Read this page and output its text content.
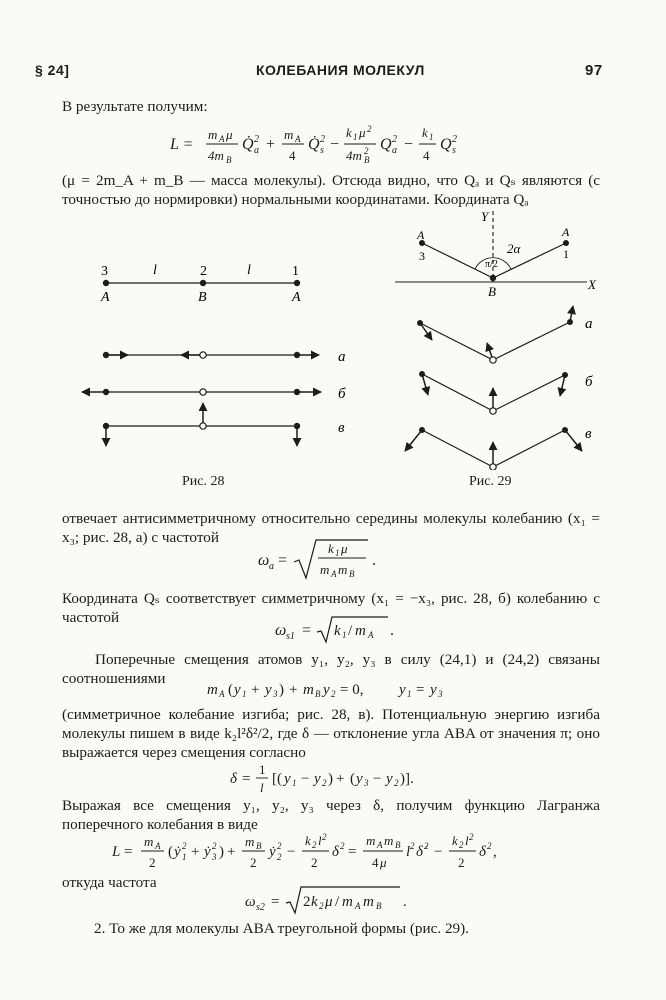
§ 24]	КОЛЕБАНИЯ МОЛЕКУЛ	97
В результате получим:
L =
m A μ
4m B
Q̇ 2
a +
m A
4
Q̇ 2
s −
k 1 μ 2
4m 2
B
Q 2
a −
k 1
4
Q 2
s
(μ = 2m_A + m_B — масса молекулы). Отсюда видно, что Qₐ и Qₛ являются (с точностью до нормировки) нормальными координатами. Координата Qₐ
3	2	1
l	l
A	B	A
а
б
в
Рис. 28
Y
X
π/2
2α
A
3
A
1
B
а
б
в
Рис. 29
отвечает антисимметричному относительно середины молекулы колебанию (x₁ = x₃; рис. 28, а) с частотой
ω a =
k 1 μ
m A m B
.
Координата Qₛ соответствует симметричному (x₁ = −x₃, рис. 28, б) колебанию с частотой
ω s1 = k 1 / m A .
Поперечные смещения атомов y₁, y₂, y₃ в силу (24,1) и (24,2) связаны соотношениями
m A ( y 1 + y 3 ) + m B y 2 = 0, y 1 = y 3
(симметричное колебание изгиба; рис. 28, в). Потенциальную энергию изгиба молекулы пишем в виде k₂l²δ²/2, где δ — отклонение угла ABA от значения π; оно выражается через смещения согласно
δ =
1
l
[( y 1 − y 2 ) + ( y 3 − y 2 )].
Выражая все смещения y₁, y₂, y₃ через δ, получим функцию Лагранжа поперечного колебания в виде
L =
m A
2
( ẏ 2
1 + ẏ 2
3 ) +
m B
2
ẏ 2
2 −
k 2 l 2
2
δ 2 =
m A m B
4 μ
l 2 δ̇ 2 −
k 2 l 2
2
δ 2 ,
откуда частота
ω s2 = 2 k 2 μ / m A m B .
2. То же для молекулы ABA треугольной формы (рис. 29).
